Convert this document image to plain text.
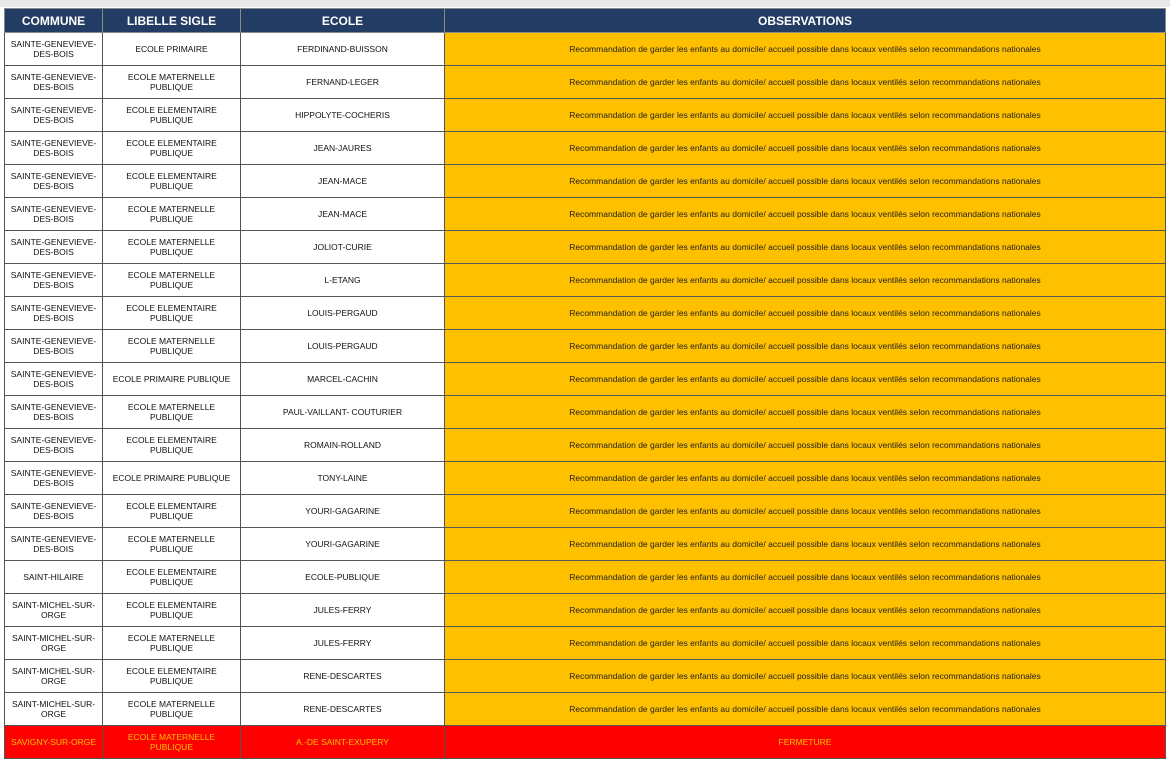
COMMUNE	LIBELLE SIGLE	ECOLE	OBSERVATIONS
SAINTE-GENEVIEVE-DES-BOIS	ECOLE PRIMAIRE	FERDINAND-BUISSON	Recommandation de garder les enfants au domicile/ accueil possible dans locaux ventilés selon recommandations nationales
SAINTE-GENEVIEVE-DES-BOIS	ECOLE MATERNELLE PUBLIQUE	FERNAND-LEGER	Recommandation de garder les enfants au domicile/ accueil possible dans locaux ventilés selon recommandations nationales
SAINTE-GENEVIEVE-DES-BOIS	ECOLE ELEMENTAIRE PUBLIQUE	HIPPOLYTE-COCHERIS	Recommandation de garder les enfants au domicile/ accueil possible dans locaux ventilés selon recommandations nationales
SAINTE-GENEVIEVE-DES-BOIS	ECOLE ELEMENTAIRE PUBLIQUE	JEAN-JAURES	Recommandation de garder les enfants au domicile/ accueil possible dans locaux ventilés selon recommandations nationales
SAINTE-GENEVIEVE-DES-BOIS	ECOLE ELEMENTAIRE PUBLIQUE	JEAN-MACE	Recommandation de garder les enfants au domicile/ accueil possible dans locaux ventilés selon recommandations nationales
SAINTE-GENEVIEVE-DES-BOIS	ECOLE MATERNELLE PUBLIQUE	JEAN-MACE	Recommandation de garder les enfants au domicile/ accueil possible dans locaux ventilés selon recommandations nationales
SAINTE-GENEVIEVE-DES-BOIS	ECOLE MATERNELLE PUBLIQUE	JOLIOT-CURIE	Recommandation de garder les enfants au domicile/ accueil possible dans locaux ventilés selon recommandations nationales
SAINTE-GENEVIEVE-DES-BOIS	ECOLE MATERNELLE PUBLIQUE	L-ETANG	Recommandation de garder les enfants au domicile/ accueil possible dans locaux ventilés selon recommandations nationales
SAINTE-GENEVIEVE-DES-BOIS	ECOLE ELEMENTAIRE PUBLIQUE	LOUIS-PERGAUD	Recommandation de garder les enfants au domicile/ accueil possible dans locaux ventilés selon recommandations nationales
SAINTE-GENEVIEVE-DES-BOIS	ECOLE MATERNELLE PUBLIQUE	LOUIS-PERGAUD	Recommandation de garder les enfants au domicile/ accueil possible dans locaux ventilés selon recommandations nationales
SAINTE-GENEVIEVE-DES-BOIS	ECOLE PRIMAIRE PUBLIQUE	MARCEL-CACHIN	Recommandation de garder les enfants au domicile/ accueil possible dans locaux ventilés selon recommandations nationales
SAINTE-GENEVIEVE-DES-BOIS	ECOLE MATERNELLE PUBLIQUE	PAUL-VAILLANT- COUTURIER	Recommandation de garder les enfants au domicile/ accueil possible dans locaux ventilés selon recommandations nationales
SAINTE-GENEVIEVE-DES-BOIS	ECOLE ELEMENTAIRE PUBLIQUE	ROMAIN-ROLLAND	Recommandation de garder les enfants au domicile/ accueil possible dans locaux ventilés selon recommandations nationales
SAINTE-GENEVIEVE-DES-BOIS	ECOLE PRIMAIRE PUBLIQUE	TONY-LAINE	Recommandation de garder les enfants au domicile/ accueil possible dans locaux ventilés selon recommandations nationales
SAINTE-GENEVIEVE-DES-BOIS	ECOLE ELEMENTAIRE PUBLIQUE	YOURI-GAGARINE	Recommandation de garder les enfants au domicile/ accueil possible dans locaux ventilés selon recommandations nationales
SAINTE-GENEVIEVE-DES-BOIS	ECOLE MATERNELLE PUBLIQUE	YOURI-GAGARINE	Recommandation de garder les enfants au domicile/ accueil possible dans locaux ventilés selon recommandations nationales
SAINT-HILAIRE	ECOLE ELEMENTAIRE PUBLIQUE	ECOLE-PUBLIQUE	Recommandation de garder les enfants au domicile/ accueil possible dans locaux ventilés selon recommandations nationales
SAINT-MICHEL-SUR-ORGE	ECOLE ELEMENTAIRE PUBLIQUE	JULES-FERRY	Recommandation de garder les enfants au domicile/ accueil possible dans locaux ventilés selon recommandations nationales
SAINT-MICHEL-SUR-ORGE	ECOLE MATERNELLE PUBLIQUE	JULES-FERRY	Recommandation de garder les enfants au domicile/ accueil possible dans locaux ventilés selon recommandations nationales
SAINT-MICHEL-SUR-ORGE	ECOLE ELEMENTAIRE PUBLIQUE	RENE-DESCARTES	Recommandation de garder les enfants au domicile/ accueil possible dans locaux ventilés selon recommandations nationales
SAINT-MICHEL-SUR-ORGE	ECOLE MATERNELLE PUBLIQUE	RENE-DESCARTES	Recommandation de garder les enfants au domicile/ accueil possible dans locaux ventilés selon recommandations nationales
SAVIGNY-SUR-ORGE	ECOLE MATERNELLE PUBLIQUE	A.-DE SAINT-EXUPERY	FERMETURE
